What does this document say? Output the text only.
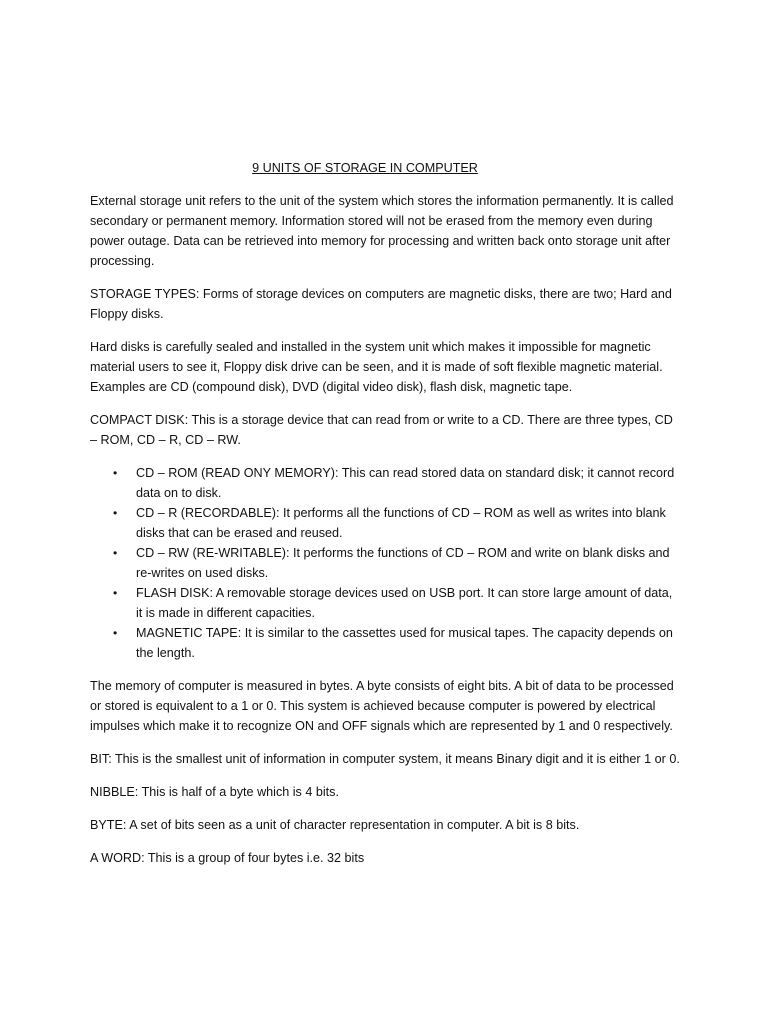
9 UNITS OF STORAGE IN COMPUTER

External storage unit refers to the unit of the system which stores the information permanently. It is called secondary or permanent memory. Information stored will not be erased from the memory even during power outage. Data can be retrieved into memory for processing and written back onto storage unit after processing.

STORAGE TYPES: Forms of storage devices on computers are magnetic disks, there are two; Hard and Floppy disks.

Hard disks is carefully sealed and installed in the system unit which makes it impossible for magnetic material users to see it, Floppy disk drive can be seen, and it is made of soft flexible magnetic material. Examples are CD (compound disk), DVD (digital video disk), flash disk, magnetic tape.

COMPACT DISK: This is a storage device that can read from or write to a CD. There are three types, CD – ROM, CD – R, CD – RW.

• CD – ROM (READ ONY MEMORY): This can read stored data on standard disk; it cannot record data on to disk.
• CD – R (RECORDABLE): It performs all the functions of CD – ROM as well as writes into blank disks that can be erased and reused.
• CD – RW (RE-WRITABLE): It performs the functions of CD – ROM and write on blank disks and re-writes on used disks.
• FLASH DISK: A removable storage devices used on USB port. It can store large amount of data, it is made in different capacities.
• MAGNETIC TAPE: It is similar to the cassettes used for musical tapes. The capacity depends on the length.

The memory of computer is measured in bytes. A byte consists of eight bits. A bit of data to be processed or stored is equivalent to a 1 or 0. This system is achieved because computer is powered by electrical impulses which make it to recognize ON and OFF signals which are represented by 1 and 0 respectively.

BIT: This is the smallest unit of information in computer system, it means Binary digit and it is either 1 or 0.

NIBBLE: This is half of a byte which is 4 bits.

BYTE: A set of bits seen as a unit of character representation in computer. A bit is 8 bits.

A WORD: This is a group of four bytes i.e. 32 bits
